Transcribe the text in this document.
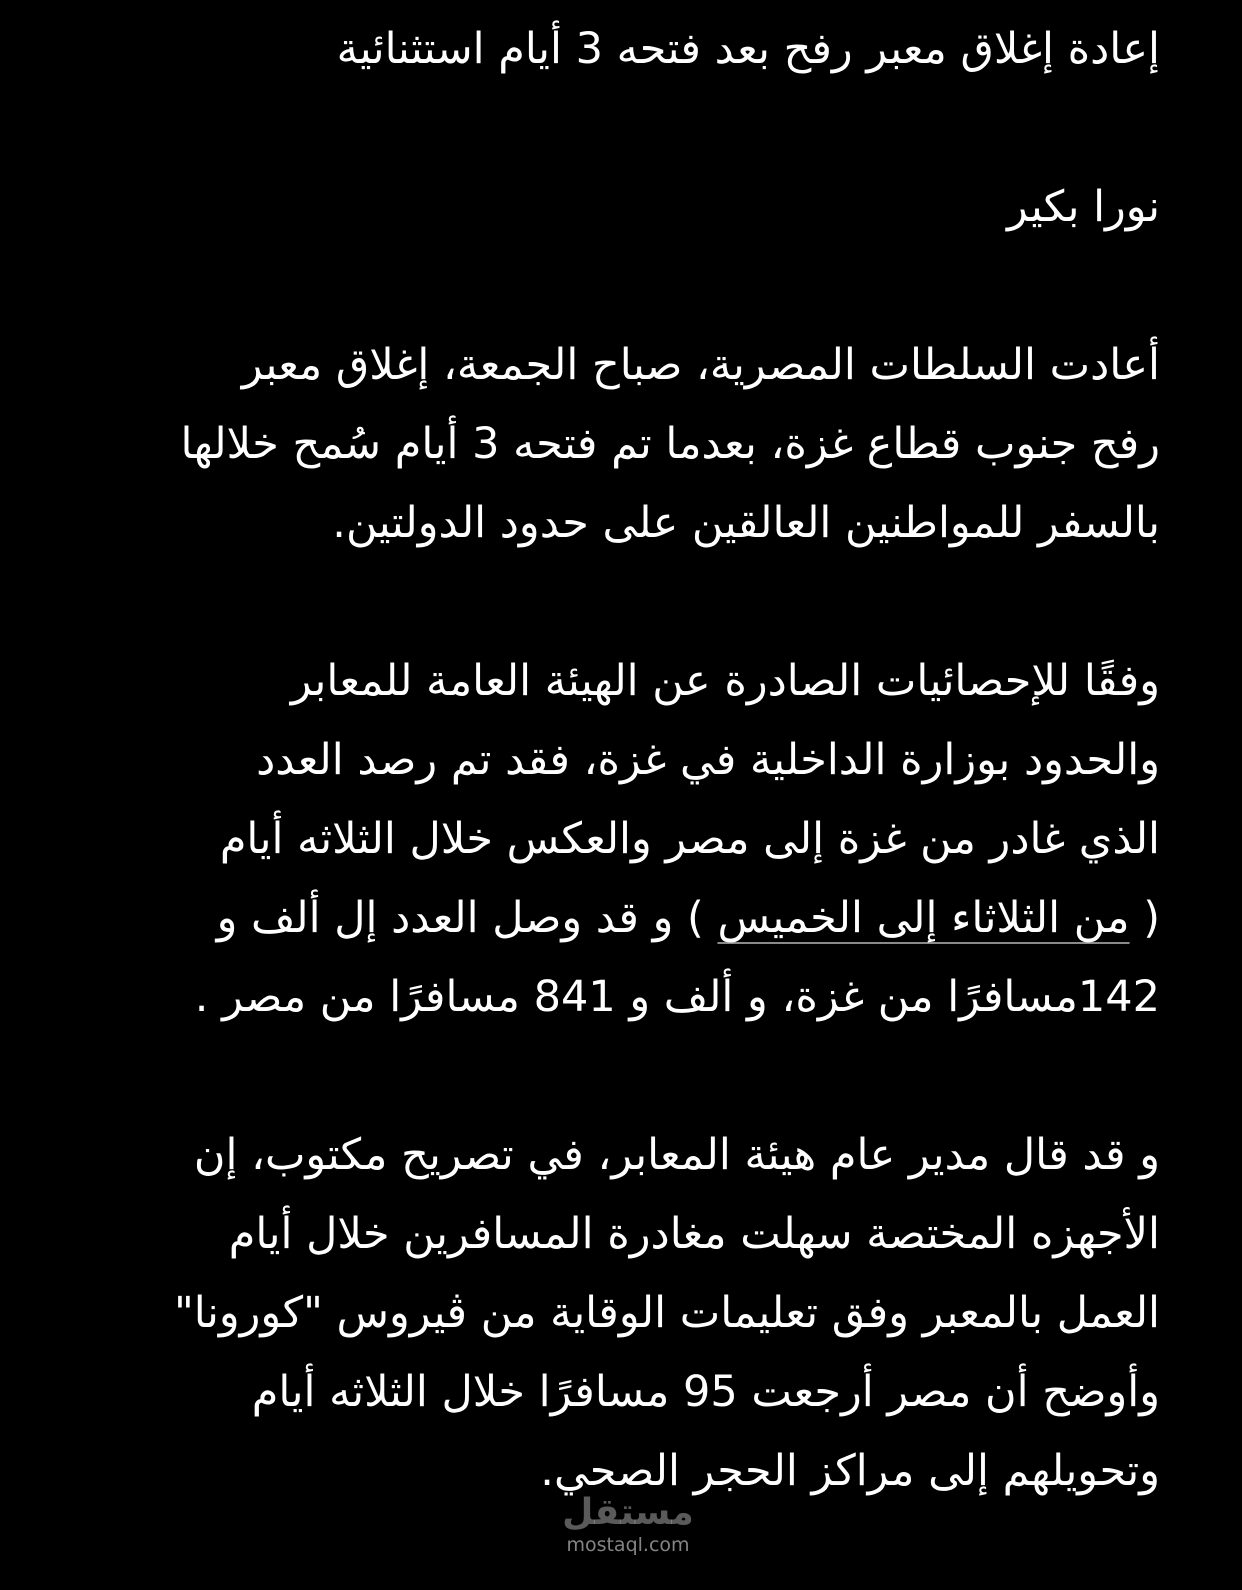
إعادة إغلاق معبر رفح بعد فتحه 3 أيام استثنائية

نورا بكير

أعادت السلطات المصرية، صباح الجمعة، إغلاق معبر

رفح جنوب قطاع غزة، بعدما تم فتحه 3 أيام سُمح خلالها

بالسفر للمواطنين العالقين على حدود الدولتين.

وفقًا للإحصائيات الصادرة عن الهيئة العامة للمعابر

والحدود بوزارة الداخلية في غزة، فقد تم رصد العدد

الذي غادر من غزة إلى مصر والعكس خلال الثلاثه أيام

( من الثلاثاء إلى الخميس ) و قد وصل العدد إل ألف و

142مسافرًا من غزة، و ألف و 841 مسافرًا من مصر .

و قد قال مدير عام هيئة المعابر، في تصريح مكتوب، إن

الأجهزه المختصة سهلت مغادرة المسافرين خلال أيام

العمل بالمعبر وفق تعليمات الوقاية من ڤيروس "كورونا"

وأوضح أن مصر أرجعت 95 مسافرًا خلال الثلاثه أيام

وتحويلهم إلى مراكز الحجر الصحي.

مستقل
mostaql.com
